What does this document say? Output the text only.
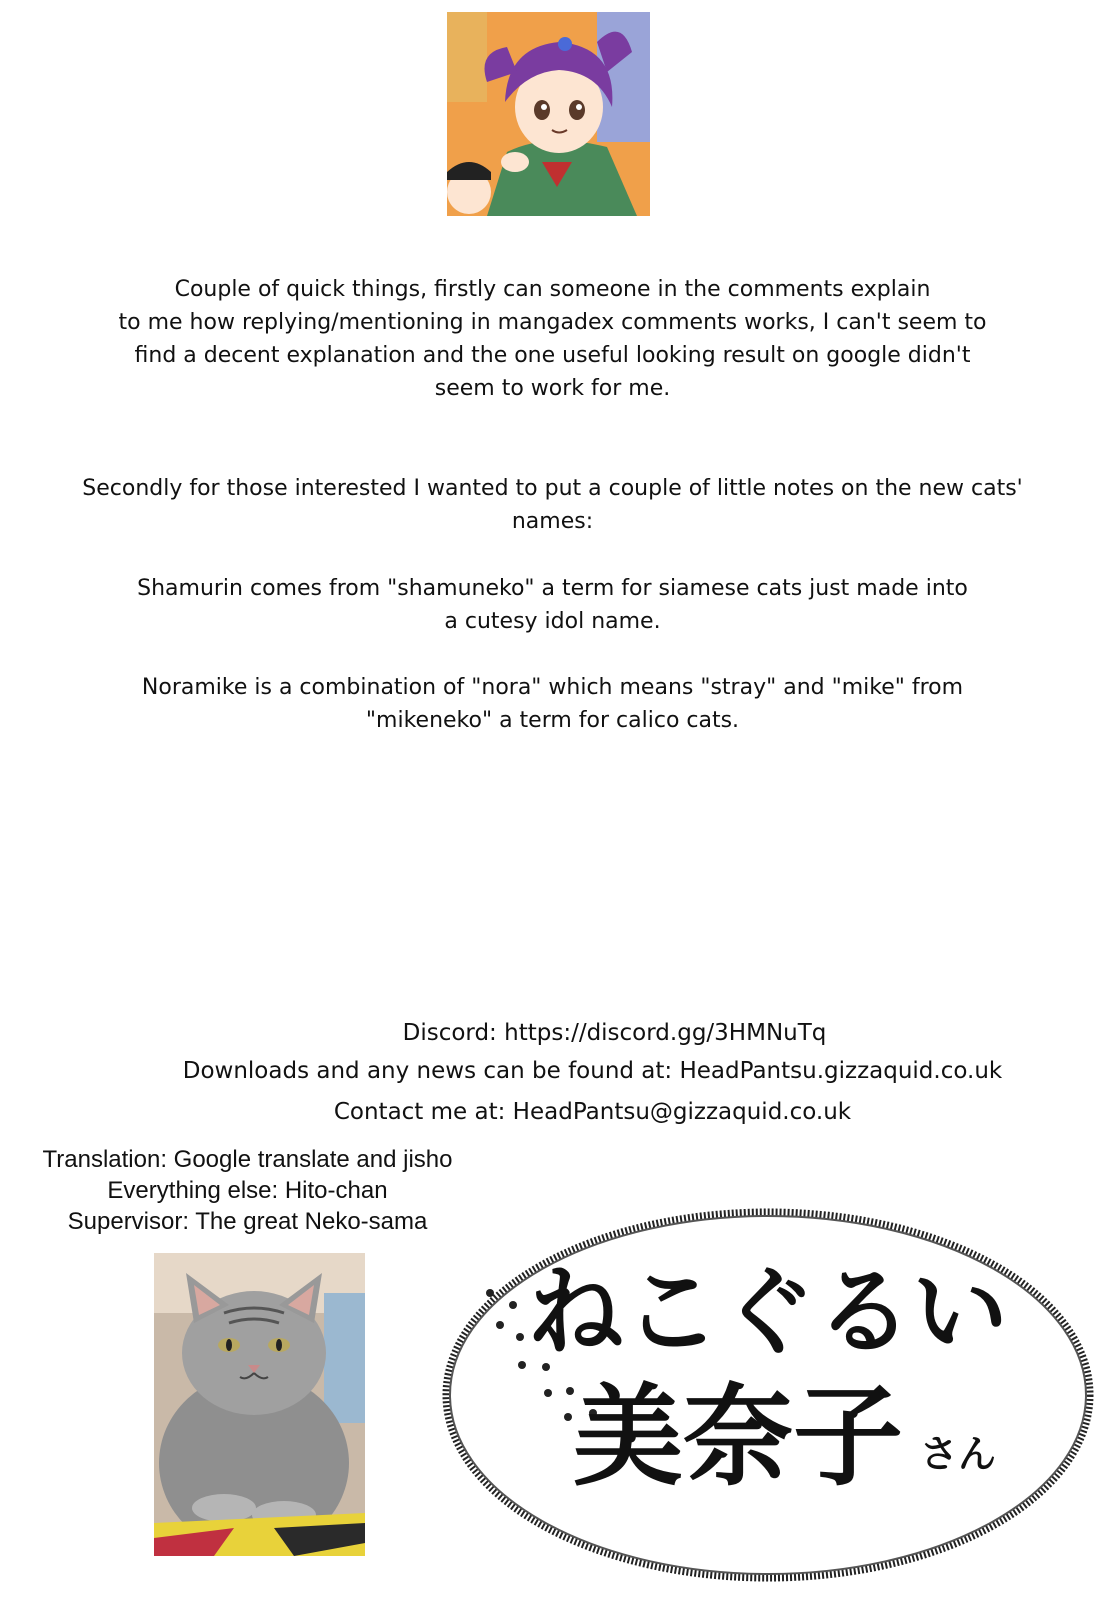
Couple of quick things, firstly can someone in the comments explain
to me how replying/mentioning in mangadex comments works, I can't seem to
find a decent explanation and the one useful looking result on google didn't
seem to work for me.
Secondly for those interested I wanted to put a couple of little notes on the new cats'
names:
Shamurin comes from "shamuneko" a term for siamese cats just made into
a cutesy idol name.
Noramike is a combination of "nora" which means "stray" and "mike" from
"mikeneko" a term for calico cats.
Discord: https://discord.gg/3HMNuTq
Downloads and any news can be found at: HeadPantsu.gizzaquid.co.uk
Contact me at: HeadPantsu@gizzaquid.co.uk
Translation: Google translate and jisho
Everything else: Hito-chan
Supervisor: The great Neko-sama
ねこぐるい
美奈子 さん
